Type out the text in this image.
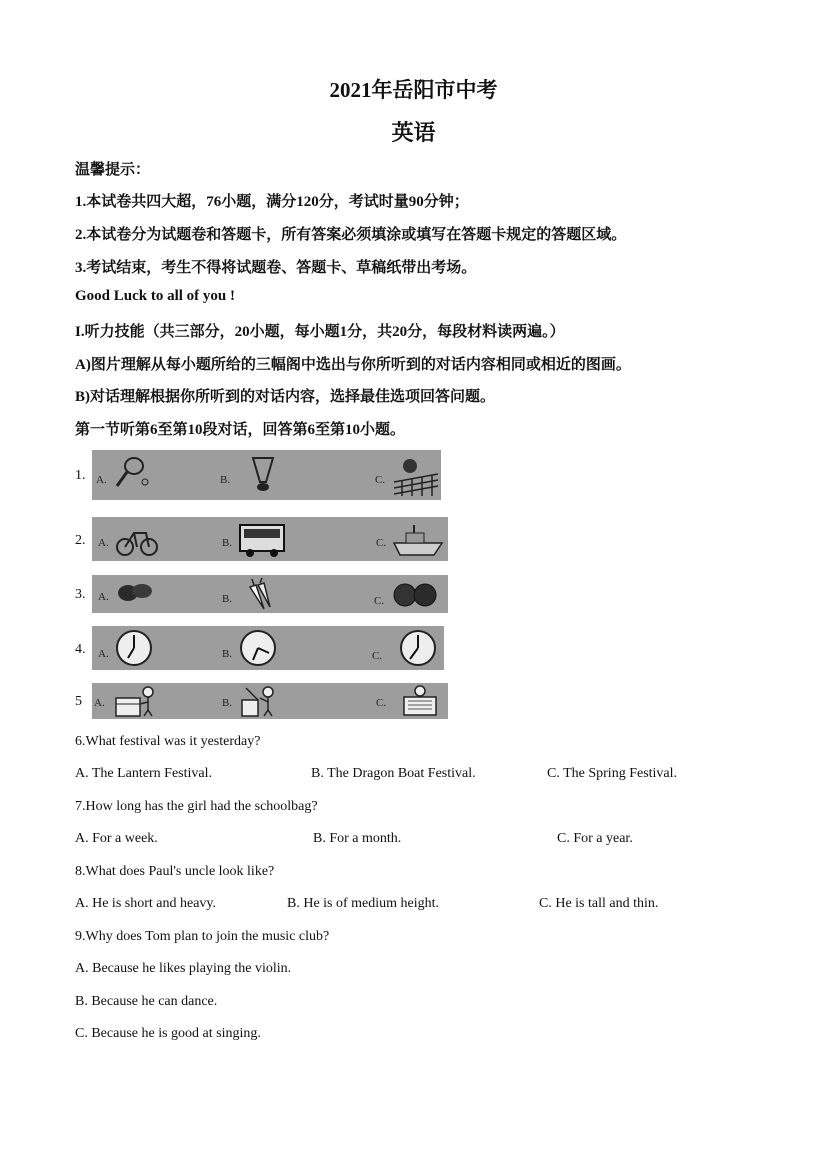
2021年岳阳市中考
英语
温馨提示：
1.本试卷共四大超，76小题，满分120分，考试时量90分钟；
2.本试卷分为试题卷和答题卡，所有答案必须填涂或填写在答题卡规定的答题区域。
3.考试结束，考生不得将试题卷、答题卡、草稿纸带出考场。
Good Luck to all of you !
I.听力技能（共三部分，20小题，每小题1分，共20分，每段材料读两遍。）
A)图片理解从每小题所给的三幅阁中选出与你所听到的对话内容相同或相近的图画。
B)对话理解根据你所听到的对话内容，选择最佳选项回答问题。
第一节听第6至第10段对话，回答第6至第10小题。
1. A.	B.	C.
2. A.	B.	C.
3. A.	B.	C.
4. A.	B.	C.
5 A.	B.	C.
6.What festival was it yesterday?
A. The Lantern Festival.	B. The Dragon Boat Festival.	C. The Spring Festival.
7.How long has the girl had the schoolbag?
A. For a week.	B. For a month.	C. For a year.
8.What does Paul's uncle look like?
A. He is short and heavy.	B. He is of medium height.	C. He is tall and thin.
9.Why does Tom plan to join the music club?
A. Because he likes playing the violin.
B. Because he can dance.
C. Because he is good at singing.
